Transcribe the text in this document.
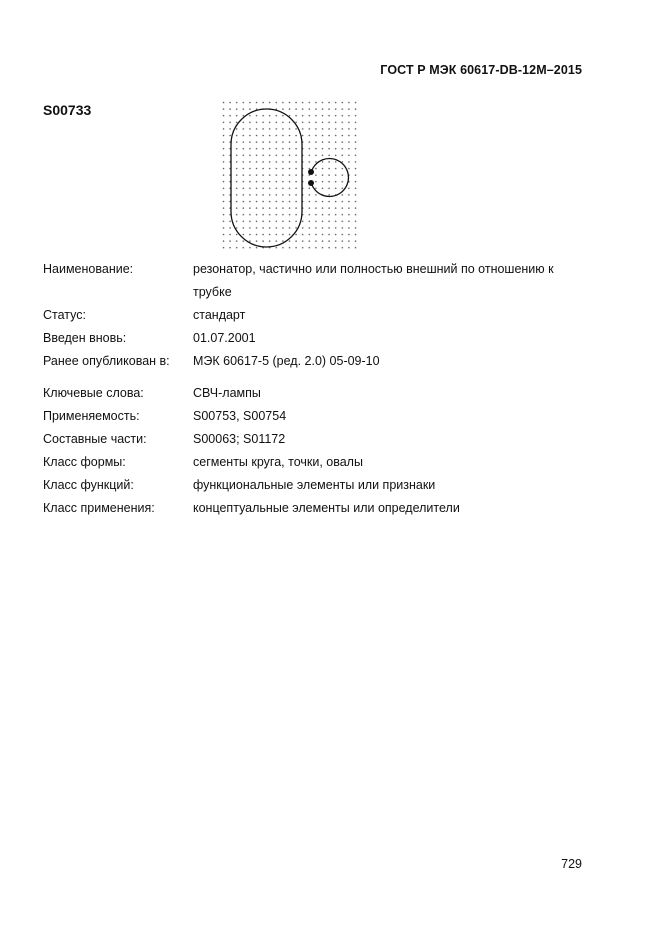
ГОСТ Р МЭК 60617-DB-12M–2015
S00733
Наименование:	резонатор, частично или полностью внешний по отношению к трубке
Статус:	стандарт
Введен вновь:	01.07.2001
Ранее опубликован в:	МЭК 60617-5 (ред. 2.0) 05-09-10
Ключевые слова:	СВЧ-лампы
Применяемость:	S00753, S00754
Составные части:	S00063; S01172
Класс формы:	сегменты круга, точки, овалы
Класс функций:	функциональные элементы или признаки
Класс применения:	концептуальные элементы или определители
729
